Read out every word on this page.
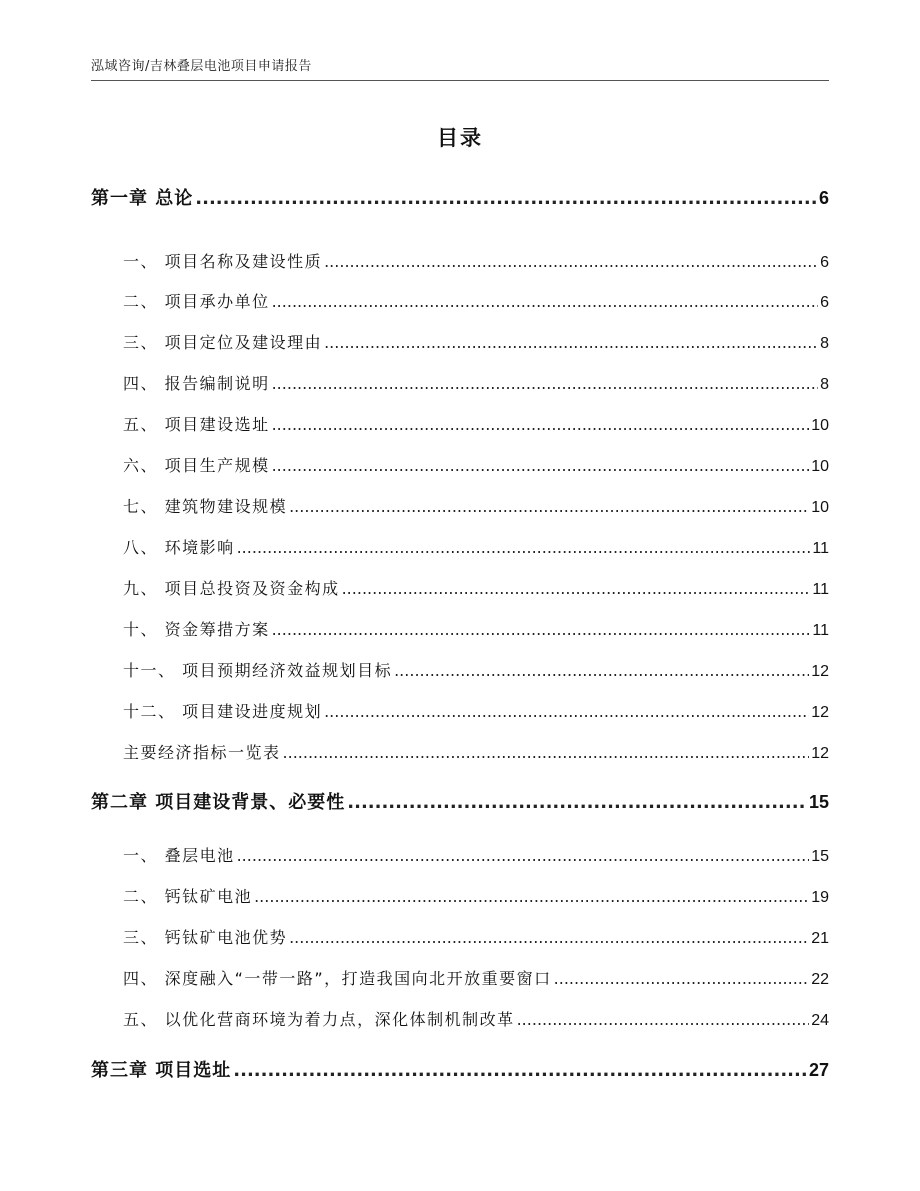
泓域咨询/吉林叠层电池项目申请报告
目录
第一章 总论 .....	6
一、 项目名称及建设性质 .....	6
二、 项目承办单位 .....	6
三、 项目定位及建设理由 .....	8
四、 报告编制说明 .....	8
五、 项目建设选址 .....	10
六、 项目生产规模 .....	10
七、 建筑物建设规模 .....	10
八、 环境影响 .....	11
九、 项目总投资及资金构成 .....	11
十、 资金筹措方案 .....	11
十一、 项目预期经济效益规划目标 .....	12
十二、 项目建设进度规划 .....	12
主要经济指标一览表 .....	12
第二章 项目建设背景、必要性 .....	15
一、 叠层电池 .....	15
二、 钙钛矿电池 .....	19
三、 钙钛矿电池优势 .....	21
四、 深度融入“一带一路”，打造我国向北开放重要窗口 .....	22
五、 以优化营商环境为着力点，深化体制机制改革 .....	24
第三章 项目选址 .....	27
